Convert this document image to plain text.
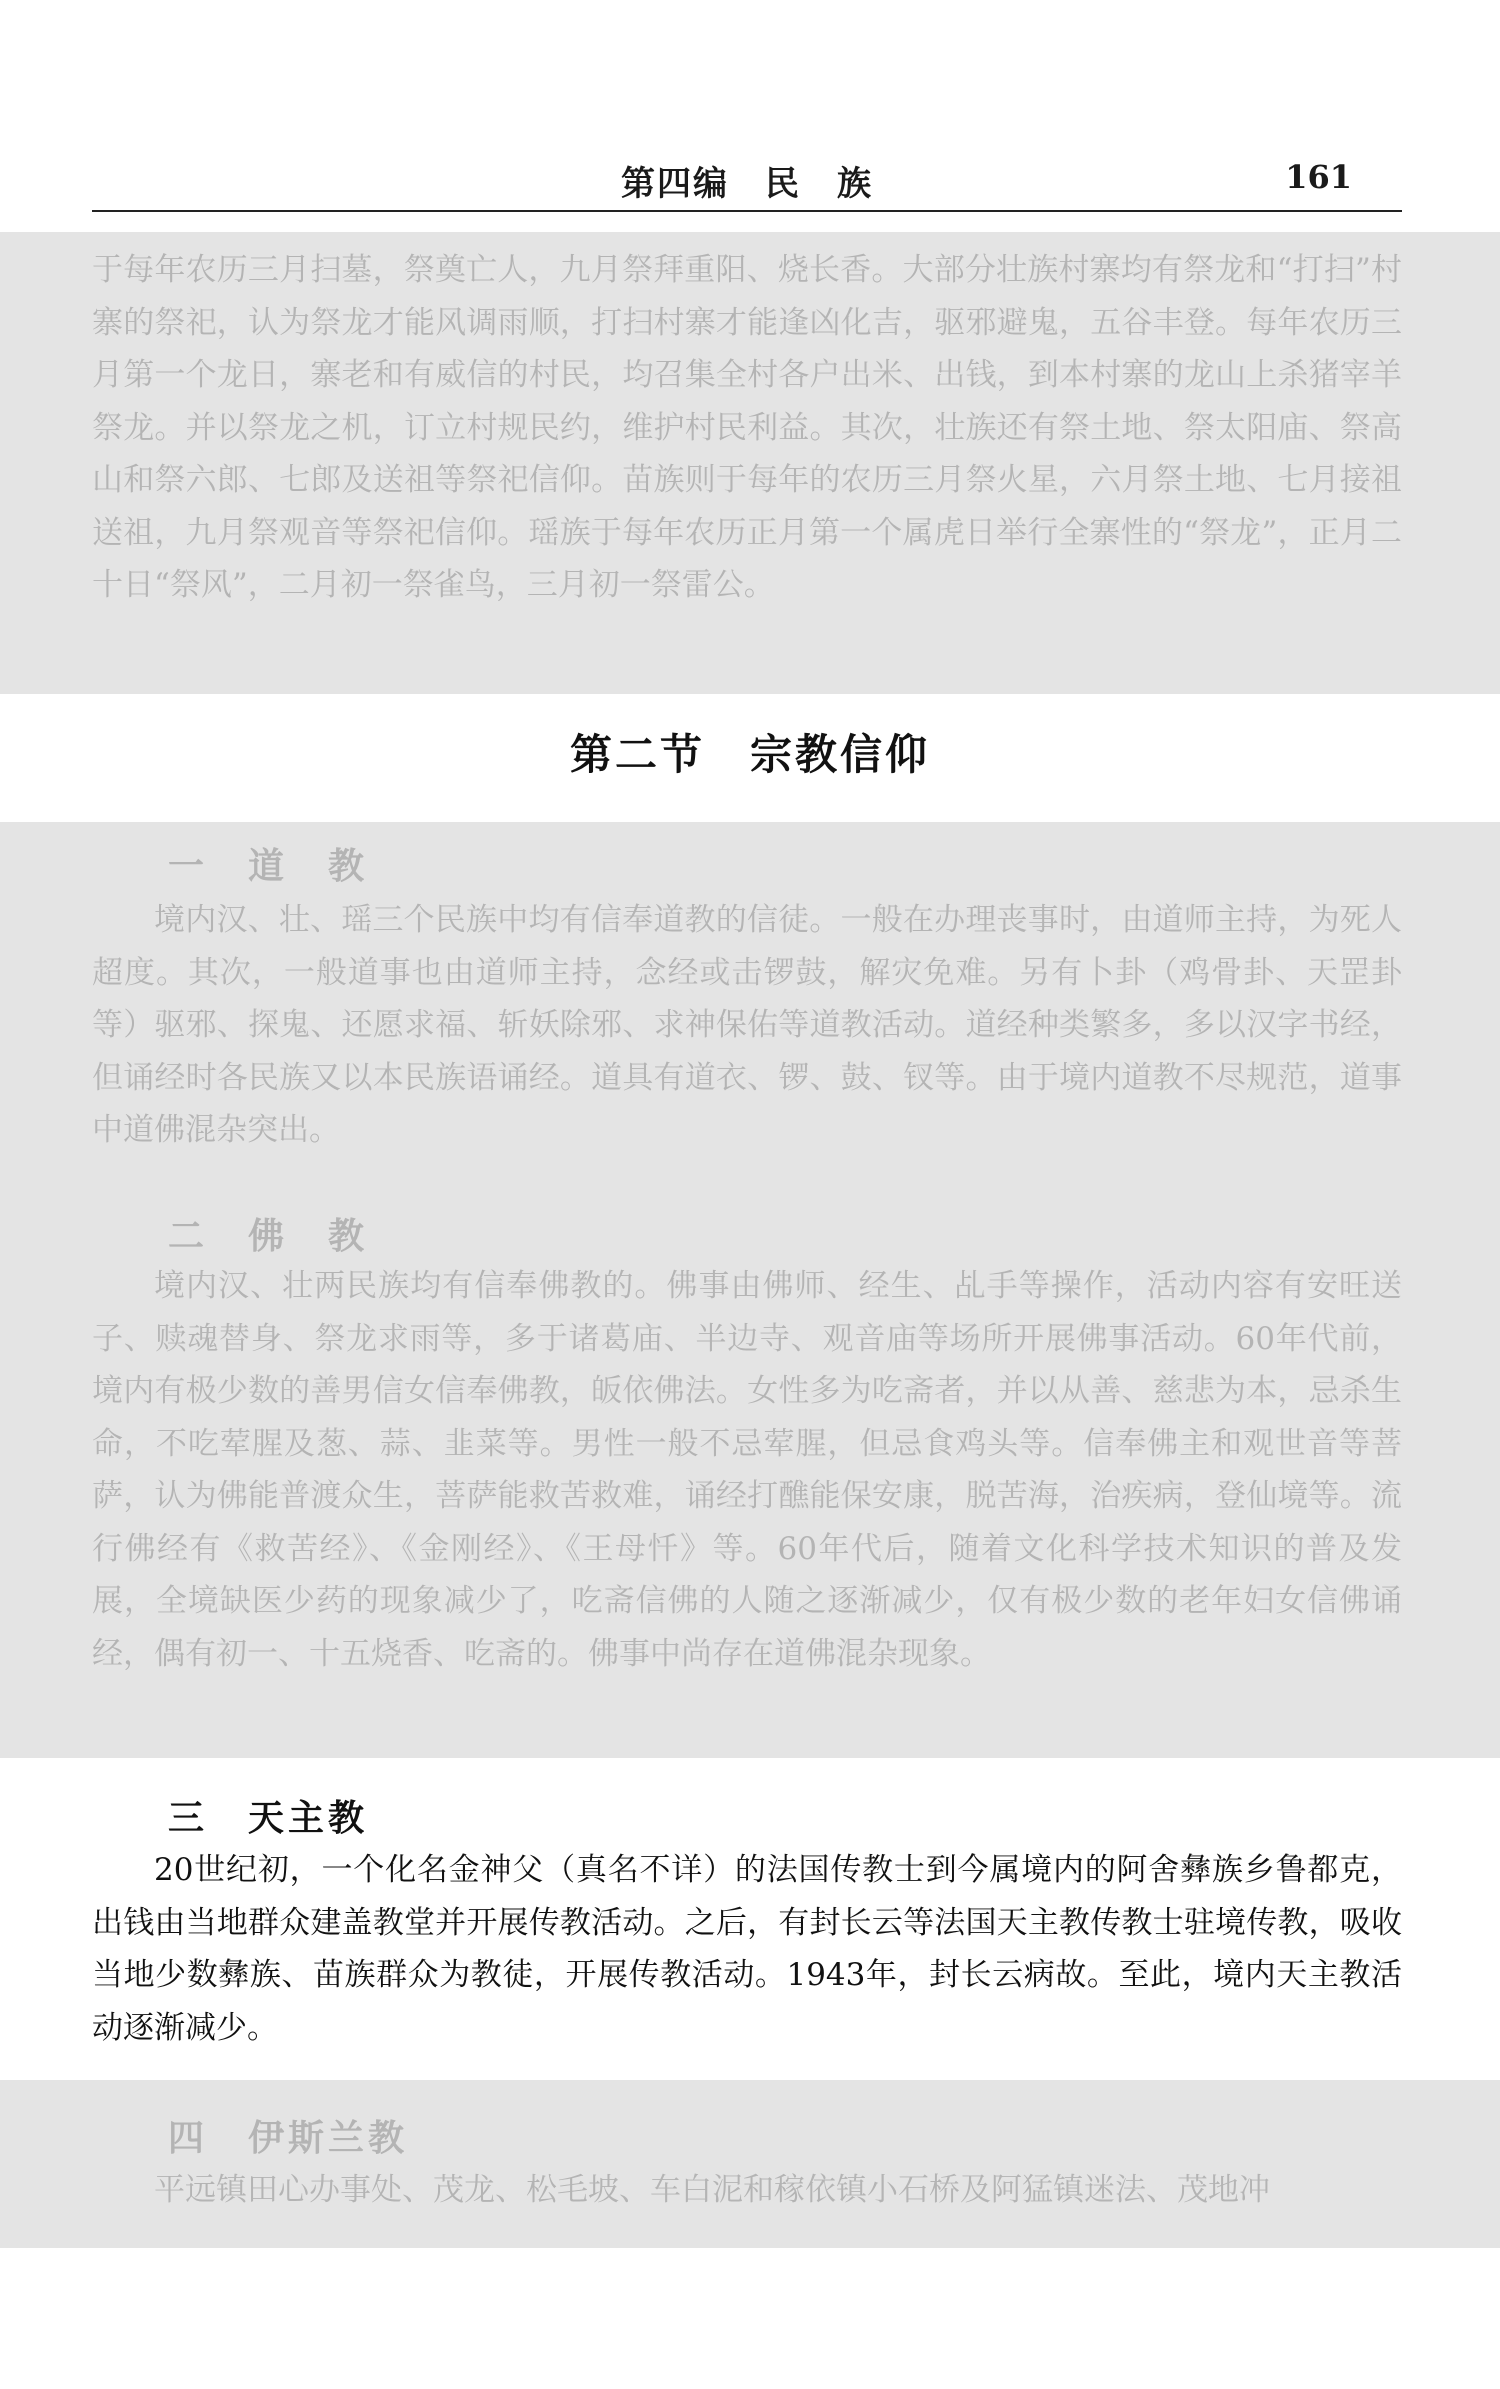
第四编　民　族	161

于每年农历三月扫墓，祭奠亡人，九月祭拜重阳、烧长香。大部分壮族村寨均有祭龙和“打扫”村寨的祭祀，认为祭龙才能风调雨顺，打扫村寨才能逢凶化吉，驱邪避鬼，五谷丰登。每年农历三月第一个龙日，寨老和有威信的村民，均召集全村各户出米、出钱，到本村寨的龙山上杀猪宰羊祭龙。并以祭龙之机，订立村规民约，维护村民利益。其次，壮族还有祭土地、祭太阳庙、祭高山和祭六郎、七郎及送祖等祭祀信仰。苗族则于每年的农历三月祭火星，六月祭土地、七月接祖送祖，九月祭观音等祭祀信仰。瑶族于每年农历正月第一个属虎日举行全寨性的“祭龙”，正月二十日“祭风”，二月初一祭雀鸟，三月初一祭雷公。

第二节　宗教信仰
一　道　教

境内汉、壮、瑶三个民族中均有信奉道教的信徒。一般在办理丧事时，由道师主持，为死人超度。其次，一般道事也由道师主持，念经或击锣鼓，解灾免难。另有卜卦（鸡骨卦、天罡卦等）驱邪、探鬼、还愿求福、斩妖除邪、求神保佑等道教活动。道经种类繁多，多以汉字书经，但诵经时各民族又以本民族语诵经。道具有道衣、锣、鼓、钗等。由于境内道教不尽规范，道事中道佛混杂突出。

二　佛　教

境内汉、壮两民族均有信奉佛教的。佛事由佛师、经生、乩手等操作，活动内容有安旺送子、赎魂替身、祭龙求雨等，多于诸葛庙、半边寺、观音庙等场所开展佛事活动。60年代前，境内有极少数的善男信女信奉佛教，皈依佛法。女性多为吃斋者，并以从善、慈悲为本，忌杀生命，不吃荤腥及葱、蒜、韭菜等。男性一般不忌荤腥，但忌食鸡头等。信奉佛主和观世音等菩萨，认为佛能普渡众生，菩萨能救苦救难，诵经打醮能保安康，脱苦海，治疾病，登仙境等。流行佛经有《救苦经》、《金刚经》、《王母忏》等。60年代后，随着文化科学技术知识的普及发展，全境缺医少药的现象减少了，吃斋信佛的人随之逐渐减少，仅有极少数的老年妇女信佛诵经，偶有初一、十五烧香、吃斋的。佛事中尚存在道佛混杂现象。

三　天主教

20世纪初，一个化名金神父（真名不详）的法国传教士到今属境内的阿舍彝族乡鲁都克，出钱由当地群众建盖教堂并开展传教活动。之后，有封长云等法国天主教传教士驻境传教，吸收当地少数彝族、苗族群众为教徒，开展传教活动。1943年，封长云病故。至此，境内天主教活动逐渐减少。

四　伊斯兰教

平远镇田心办事处、茂龙、松毛坡、车白泥和稼依镇小石桥及阿猛镇迷法、茂地冲
